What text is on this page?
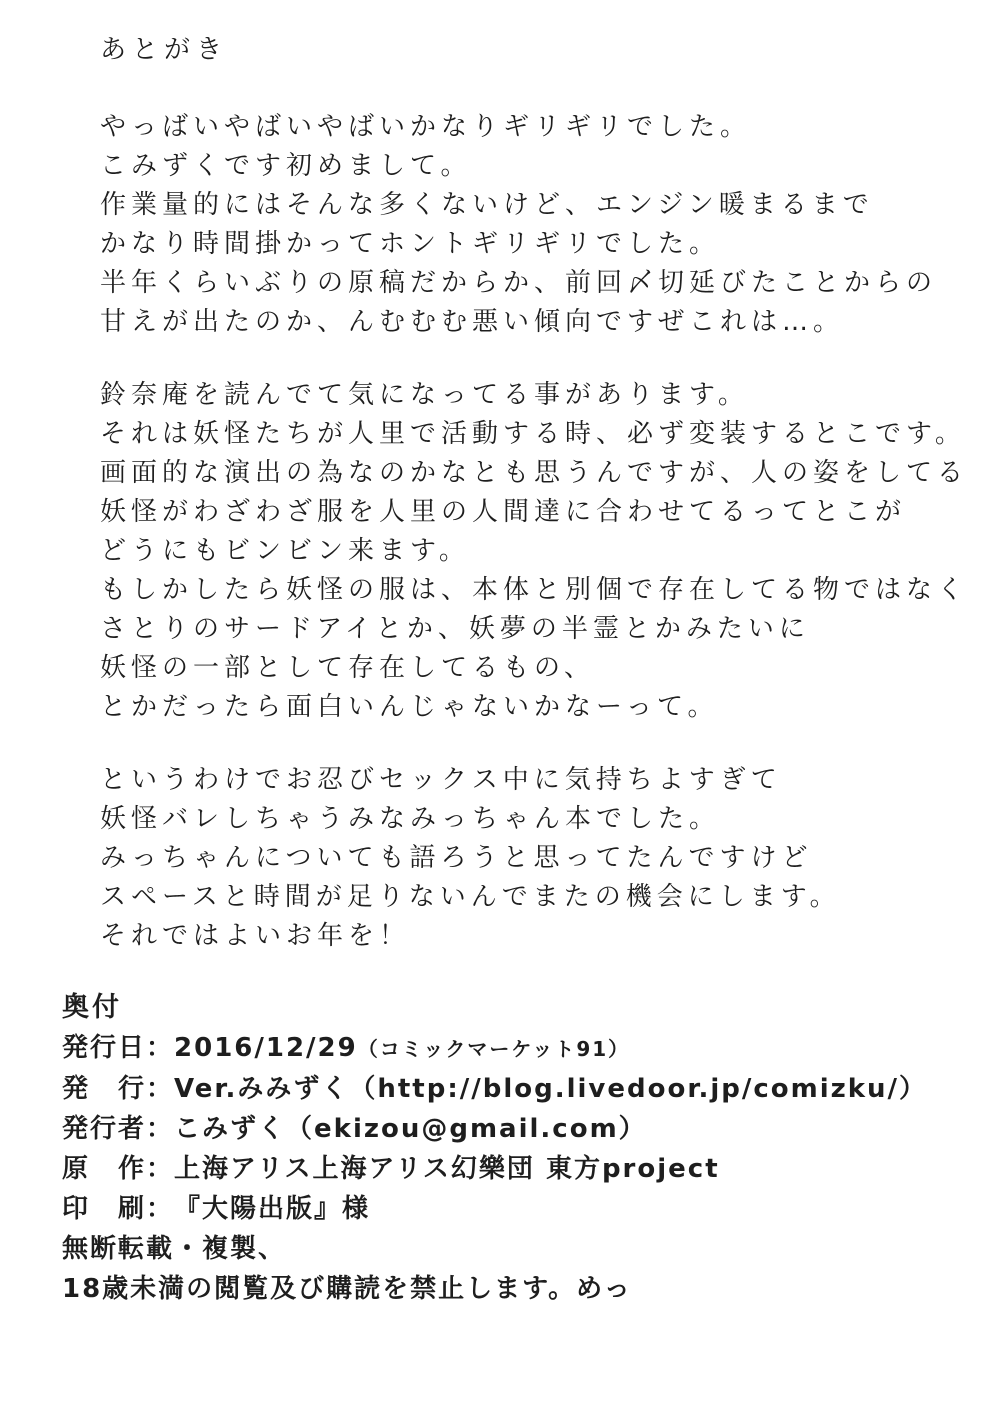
あとがき
やっばいやばいやばいかなりギリギリでした。
こみずくです初めまして。
作業量的にはそんな多くないけど、エンジン暖まるまで
かなり時間掛かってホントギリギリでした。
半年くらいぶりの原稿だからか、前回〆切延びたことからの
甘えが出たのか、んむむむ悪い傾向ですぜこれは…。
鈴奈庵を読んでて気になってる事があります。
それは妖怪たちが人里で活動する時、必ず変装するとこです。
画面的な演出の為なのかなとも思うんですが、人の姿をしてる
妖怪がわざわざ服を人里の人間達に合わせてるってとこが
どうにもビンビン来ます。
もしかしたら妖怪の服は、本体と別個で存在してる物ではなく
さとりのサードアイとか、妖夢の半霊とかみたいに
妖怪の一部として存在してるもの、
とかだったら面白いんじゃないかなーって。
というわけでお忍びセックス中に気持ちよすぎて
妖怪バレしちゃうみなみっちゃん本でした。
みっちゃんについても語ろうと思ってたんですけど
スペースと時間が足りないんでまたの機会にします。
それではよいお年を！
奥付
発行日：2016/12/29（コミックマーケット91）
発　行：Ver.みみずく（http://blog.livedoor.jp/comizku/）
発行者：こみずく（ekizou@gmail.com）
原　作：上海アリス上海アリス幻樂団 東方project
印　刷：『大陽出版』様
無断転載・複製、
18歳未満の閲覧及び購読を禁止します。めっ
